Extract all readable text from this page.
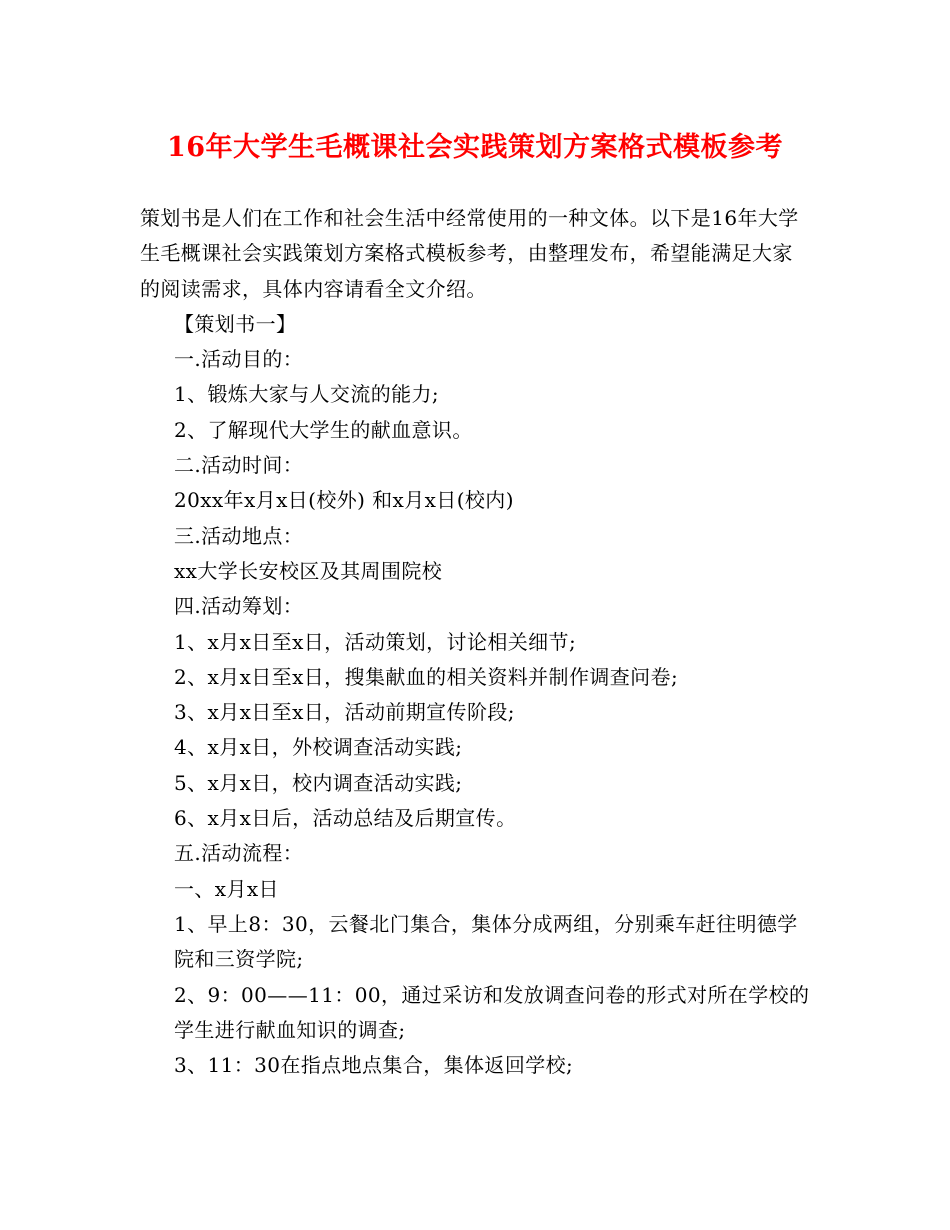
16年大学生毛概课社会实践策划方案格式模板参考

策划书是人们在工作和社会生活中经常使用的一种文体。以下是16年大学生毛概课社会实践策划方案格式模板参考，由整理发布，希望能满足大家的阅读需求，具体内容请看全文介绍。

【策划书一】

一.活动目的：

1、锻炼大家与人交流的能力;

2、了解现代大学生的献血意识。

二.活动时间：

20xx年x月x日(校外) 和x月x日(校内)

三.活动地点：

xx大学长安校区及其周围院校

四.活动筹划：

1、x月x日至x日，活动策划，讨论相关细节;

2、x月x日至x日，搜集献血的相关资料并制作调查问卷;

3、x月x日至x日，活动前期宣传阶段;

4、x月x日，外校调查活动实践;

5、x月x日，校内调查活动实践;

6、x月x日后，活动总结及后期宣传。

五.活动流程：

一、x月x日

1、早上8：30，云餐北门集合，集体分成两组，分别乘车赶往明德学院和三资学院;

2、9：00——11：00，通过采访和发放调查问卷的形式对所在学校的学生进行献血知识的调查;

3、11：30在指点地点集合，集体返回学校;
